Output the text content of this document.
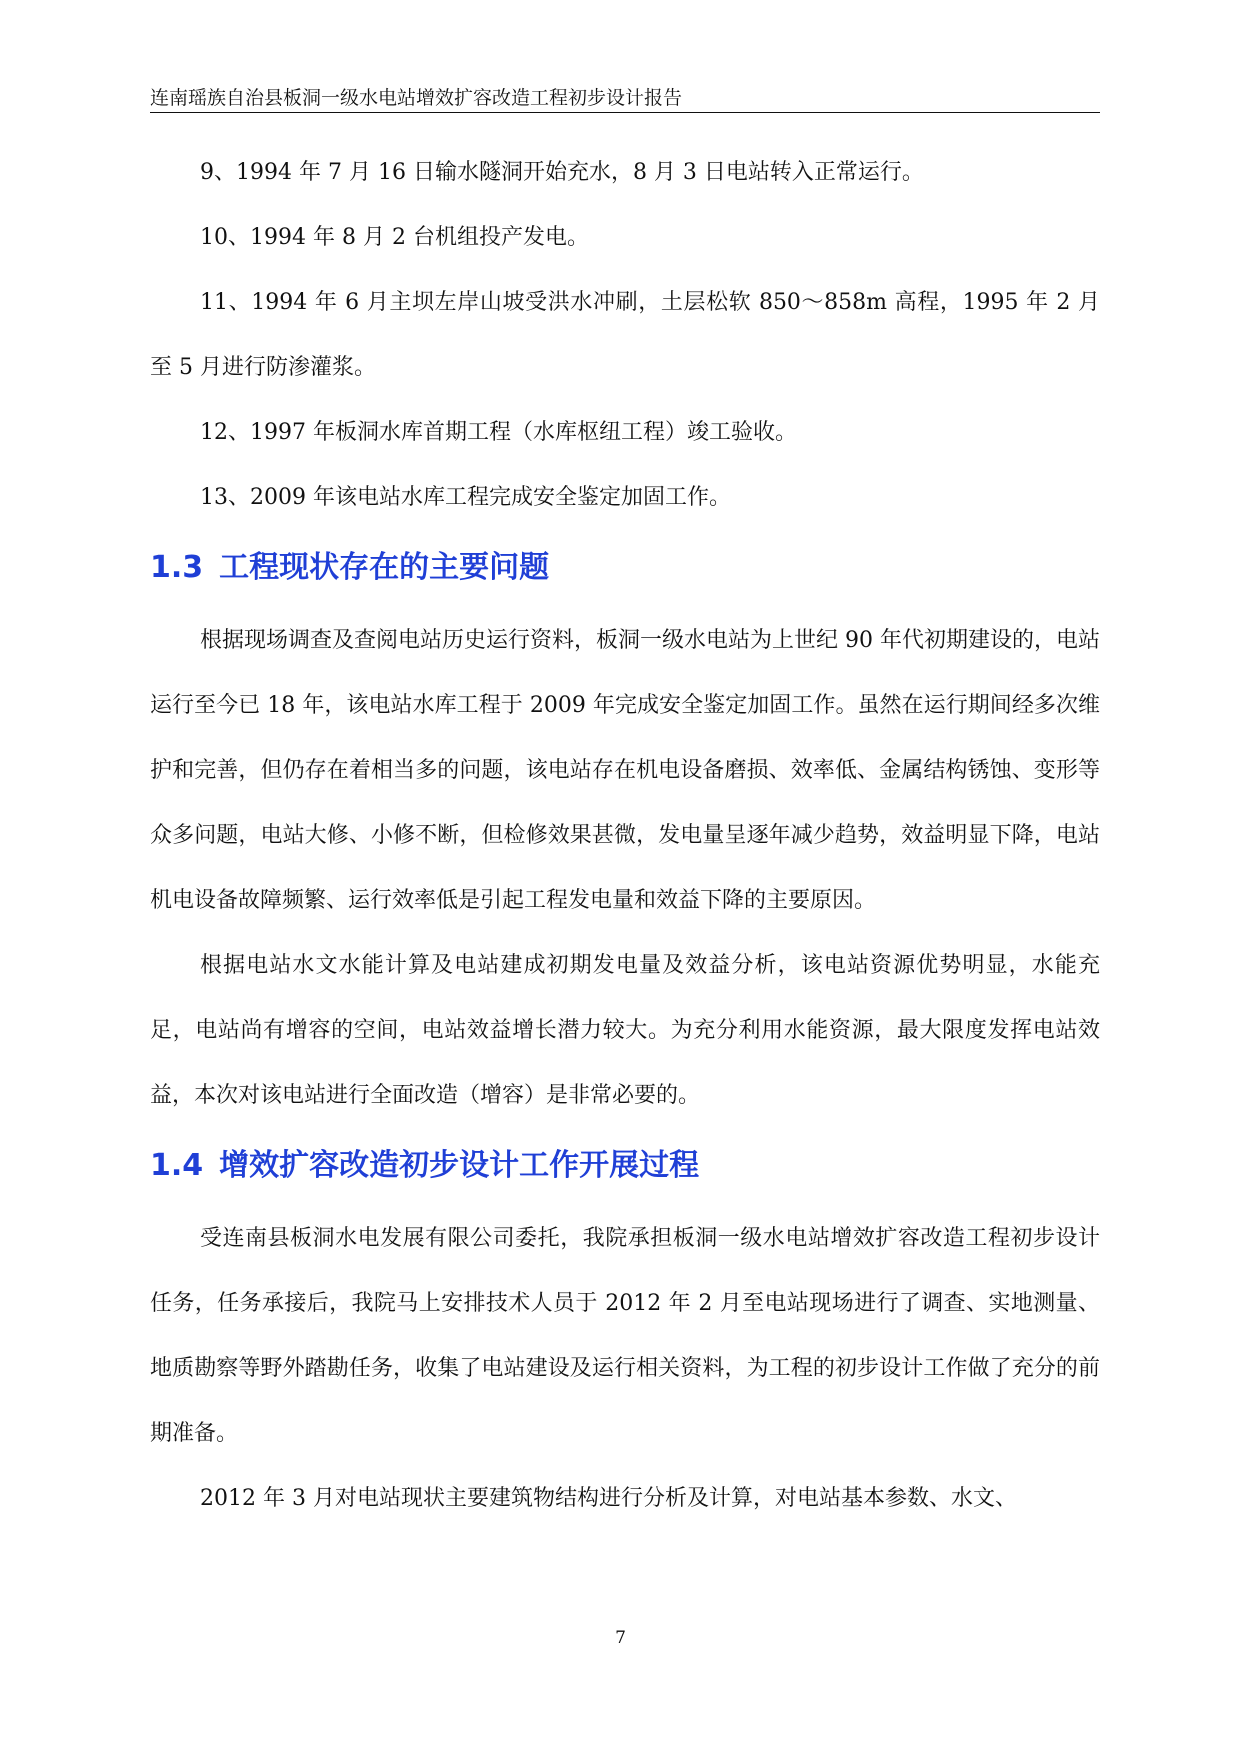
连南瑶族自治县板洞一级水电站增效扩容改造工程初步设计报告

9、1994 年 7 月 16 日输水隧洞开始充水，8 月 3 日电站转入正常运行。

10、1994 年 8 月 2 台机组投产发电。

11、1994 年 6 月主坝左岸山坡受洪水冲刷，土层松软 850～858m 高程，1995 年 2 月至 5 月进行防渗灌浆。

12、1997 年板洞水库首期工程（水库枢纽工程）竣工验收。

13、2009 年该电站水库工程完成安全鉴定加固工作。

1.3 工程现状存在的主要问题

根据现场调查及查阅电站历史运行资料，板洞一级水电站为上世纪 90 年代初期建设的，电站运行至今已 18 年，该电站水库工程于 2009 年完成安全鉴定加固工作。虽然在运行期间经多次维护和完善，但仍存在着相当多的问题，该电站存在机电设备磨损、效率低、金属结构锈蚀、变形等众多问题，电站大修、小修不断，但检修效果甚微，发电量呈逐年减少趋势，效益明显下降，电站机电设备故障频繁、运行效率低是引起工程发电量和效益下降的主要原因。

根据电站水文水能计算及电站建成初期发电量及效益分析，该电站资源优势明显，水能充足，电站尚有增容的空间，电站效益增长潜力较大。为充分利用水能资源，最大限度发挥电站效益，本次对该电站进行全面改造（增容）是非常必要的。

1.4 增效扩容改造初步设计工作开展过程

受连南县板洞水电发展有限公司委托，我院承担板洞一级水电站增效扩容改造工程初步设计任务，任务承接后，我院马上安排技术人员于 2012 年 2 月至电站现场进行了调查、实地测量、地质勘察等野外踏勘任务，收集了电站建设及运行相关资料，为工程的初步设计工作做了充分的前期准备。

2012 年 3 月对电站现状主要建筑物结构进行分析及计算，对电站基本参数、水文、

7
